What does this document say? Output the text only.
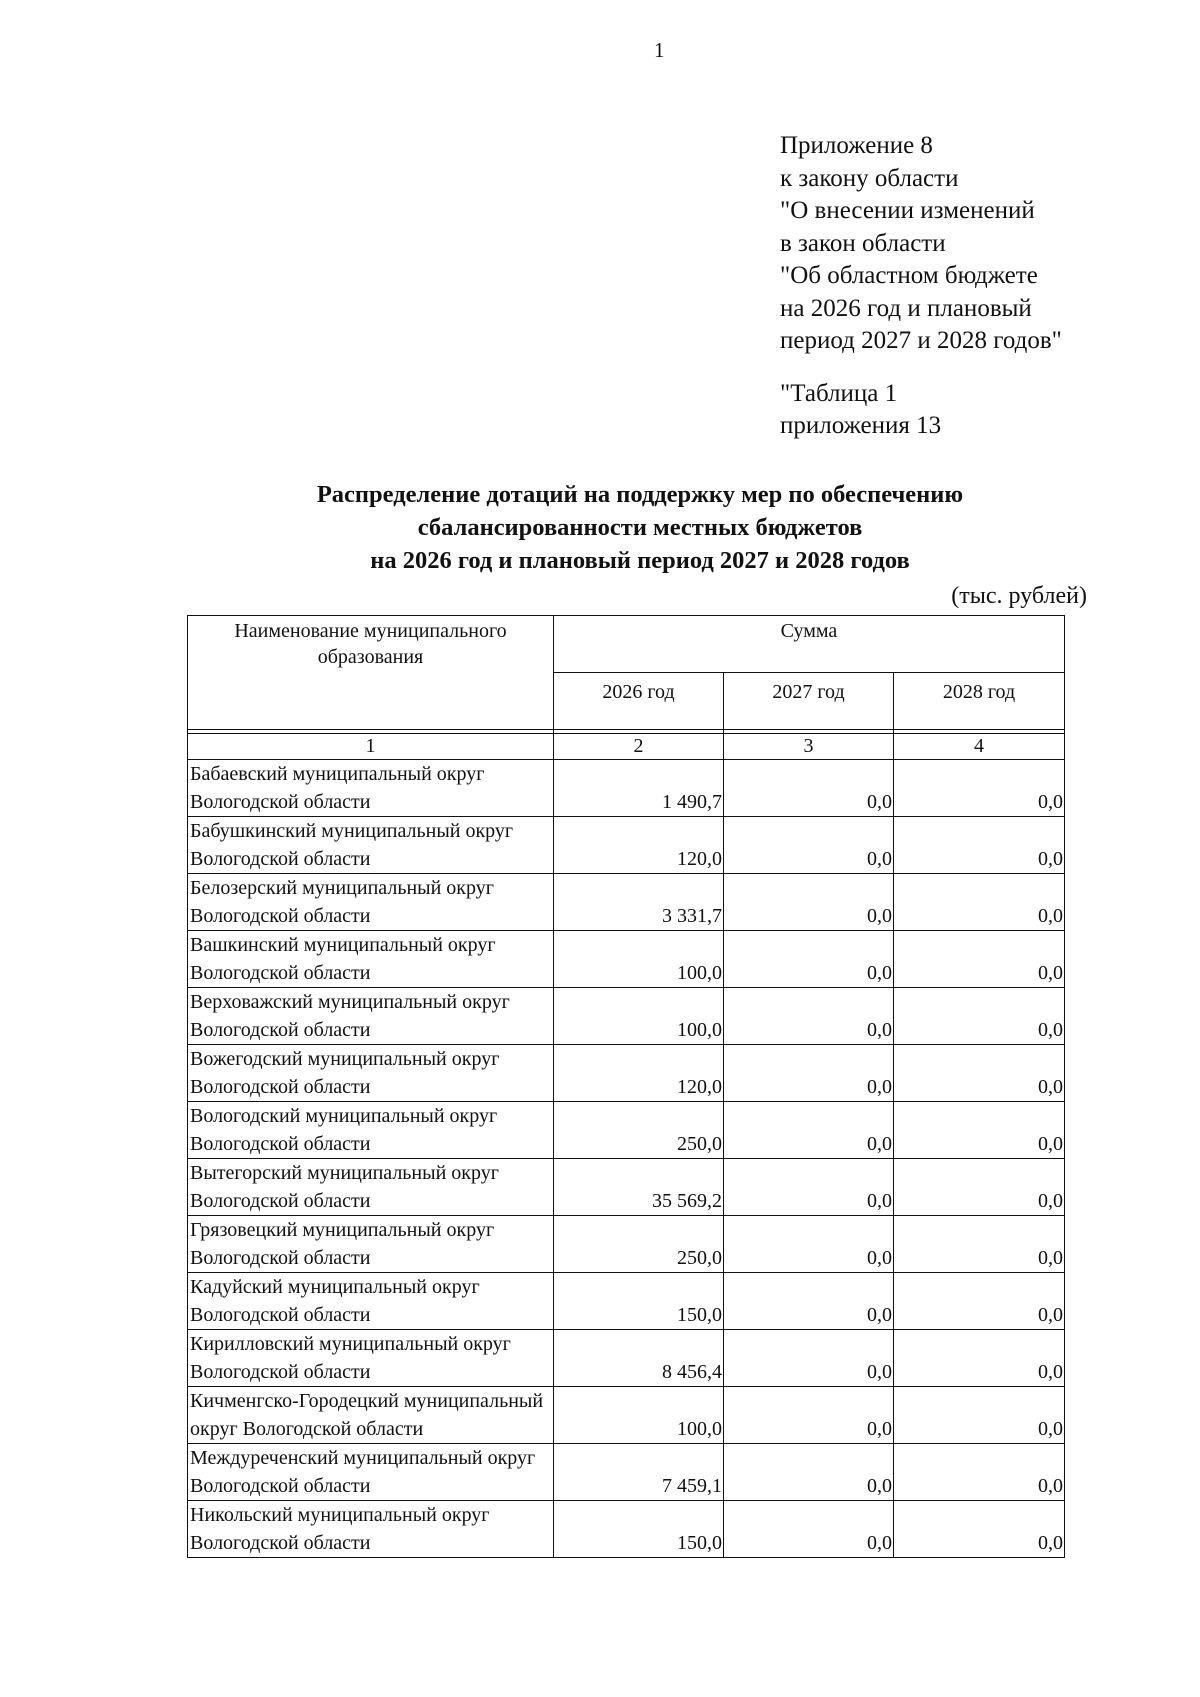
1
Приложение 8
к закону области
"О внесении изменений
в закон области
"Об областном бюджете
на 2026 год и плановый
период 2027 и 2028 годов"
"Таблица 1
приложения 13
Распределение дотаций на поддержку мер по обеспечению
сбалансированности местных бюджетов
на 2026 год и плановый период 2027 и 2028 годов
(тыс. рублей)
Наименование муниципального образования	Сумма		
	2026 год	2027 год	2028 год

1	2	3	4
Бабаевский муниципальный округ Вологодской области	1 490,7	0,0	0,0
Бабушкинский муниципальный округ Вологодской области	120,0	0,0	0,0
Белозерский муниципальный округ Вологодской области	3 331,7	0,0	0,0
Вашкинский муниципальный округ Вологодской области	100,0	0,0	0,0
Верховажский муниципальный округ Вологодской области	100,0	0,0	0,0
Вожегодский муниципальный округ Вологодской области	120,0	0,0	0,0
Вологодский муниципальный округ Вологодской области	250,0	0,0	0,0
Вытегорский муниципальный округ Вологодской области	35 569,2	0,0	0,0
Грязовецкий муниципальный округ Вологодской области	250,0	0,0	0,0
Кадуйский муниципальный округ Вологодской области	150,0	0,0	0,0
Кирилловский муниципальный округ Вологодской области	8 456,4	0,0	0,0
Кичменгско-Городецкий муниципальный округ Вологодской области	100,0	0,0	0,0
Междуреченский муниципальный округ Вологодской области	7 459,1	0,0	0,0
Никольский муниципальный округ Вологодской области	150,0	0,0	0,0
